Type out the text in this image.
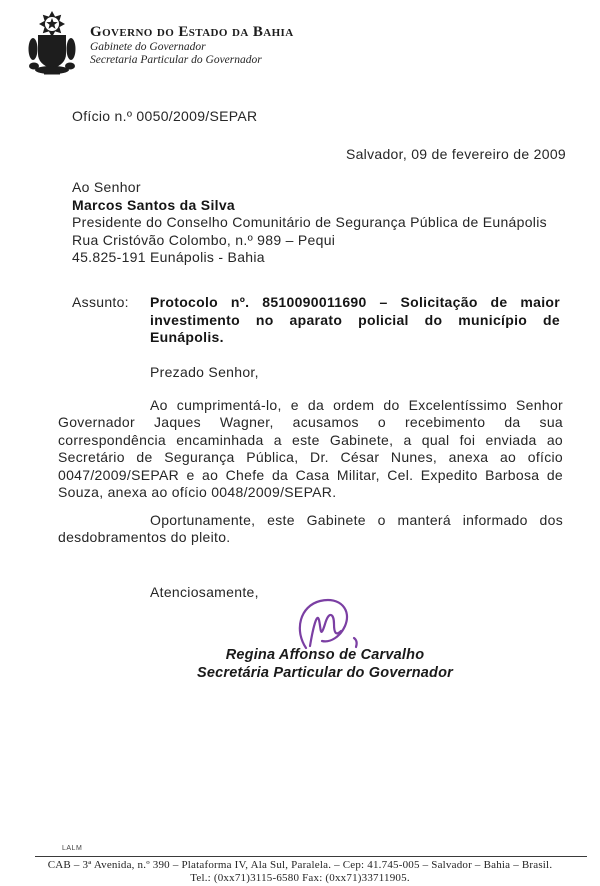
Governo do Estado da Bahia
Gabinete do Governador
Secretaria Particular do Governador
Ofício n.º 0050/2009/SEPAR
Salvador, 09 de fevereiro de 2009
Ao Senhor
Marcos Santos da Silva
Presidente do Conselho Comunitário de Segurança Pública de Eunápolis
Rua Cristóvão Colombo, n.º 989 – Pequi
45.825-191 Eunápolis - Bahia
Assunto: Protocolo nº. 8510090011690 – Solicitação de maior investimento no aparato policial do município de Eunápolis.
Prezado Senhor,
Ao cumprimentá-lo, e da ordem do Excelentíssimo Senhor Governador Jaques Wagner, acusamos o recebimento da sua correspondência encaminhada a este Gabinete, a qual foi enviada ao Secretário de Segurança Pública, Dr. César Nunes, anexa ao ofício 0047/2009/SEPAR e ao Chefe da Casa Militar, Cel. Expedito Barbosa de Souza, anexa ao ofício 0048/2009/SEPAR.
Oportunamente, este Gabinete o manterá informado dos desdobramentos do pleito.
Atenciosamente,
Regina Affonso de Carvalho
Secretária Particular do Governador
LALM
CAB – 3ª Avenida, n.º 390 – Plataforma IV, Ala Sul, Paralela. – Cep: 41.745-005 – Salvador – Bahia – Brasil.
Tel.: (0xx71)3115-6580 Fax: (0xx71)33711905.
